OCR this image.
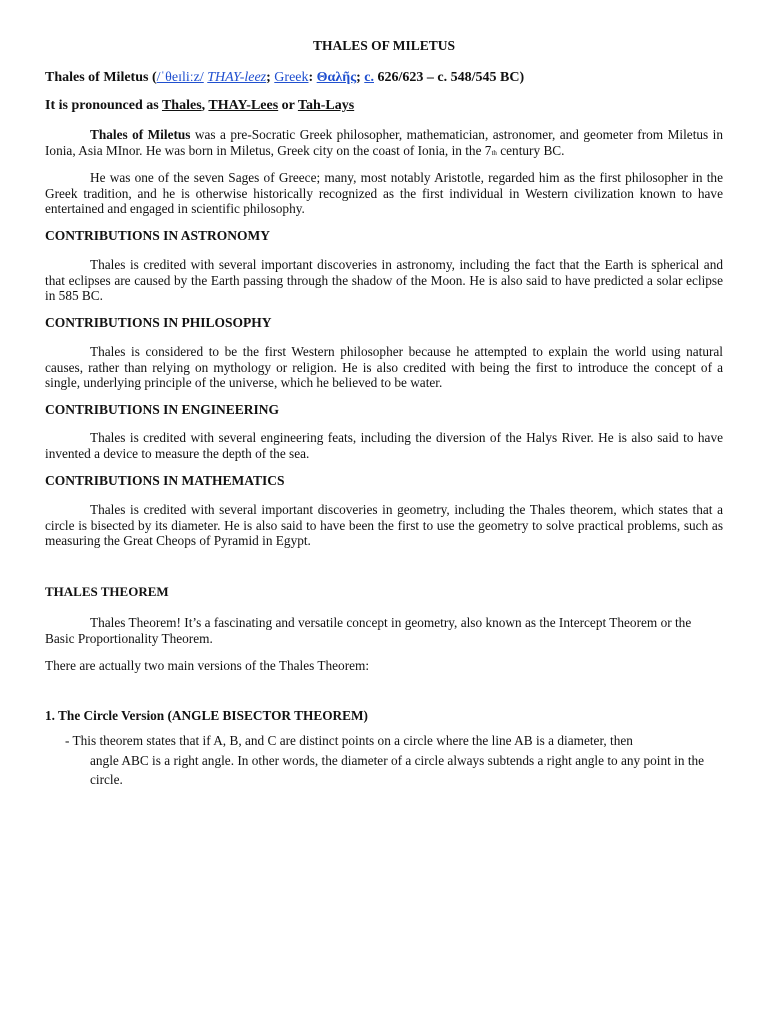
THALES OF MILETUS
Thales of Miletus (/ˈθeɪliːz/ THAY-leez; Greek: Θαλῆς; c. 626/623 – c. 548/545 BC)
It is pronounced as Thales, THAY-Lees or Tah-Lays

Thales of Miletus was a pre-Socratic Greek philosopher, mathematician, astronomer, and geometer from Miletus in Ionia, Asia MInor. He was born in Miletus, Greek city on the coast of Ionia, in the 7th century BC.

He was one of the seven Sages of Greece; many, most notably Aristotle, regarded him as the first philosopher in the Greek tradition, and he is otherwise historically recognized as the first individual in Western civilization known to have entertained and engaged in scientific philosophy.

CONTRIBUTIONS IN ASTRONOMY

Thales is credited with several important discoveries in astronomy, including the fact that the Earth is spherical and that eclipses are caused by the Earth passing through the shadow of the Moon. He is also said to have predicted a solar eclipse in 585 BC.

CONTRIBUTIONS IN PHILOSOPHY

Thales is considered to be the first Western philosopher because he attempted to explain the world using natural causes, rather than relying on mythology or religion. He is also credited with being the first to introduce the concept of a single, underlying principle of the universe, which he believed to be water.

CONTRIBUTIONS IN ENGINEERING

Thales is credited with several engineering feats, including the diversion of the Halys River. He is also said to have invented a device to measure the depth of the sea.

CONTRIBUTIONS IN MATHEMATICS

Thales is credited with several important discoveries in geometry, including the Thales theorem, which states that a circle is bisected by its diameter. He is also said to have been the first to use the geometry to solve practical problems, such as measuring the Great Cheops of Pyramid in Egypt.

THALES THEOREM

Thales Theorem! It’s a fascinating and versatile concept in geometry, also known as the Intercept Theorem or the Basic Proportionality Theorem.

There are actually two main versions of the Thales Theorem:

1. The Circle Version (ANGLE BISECTOR THEOREM)

- This theorem states that if A, B, and C are distinct points on a circle where the line AB is a diameter, then

angle ABC is a right angle. In other words, the diameter of a circle always subtends a right angle to any point in the circle.
